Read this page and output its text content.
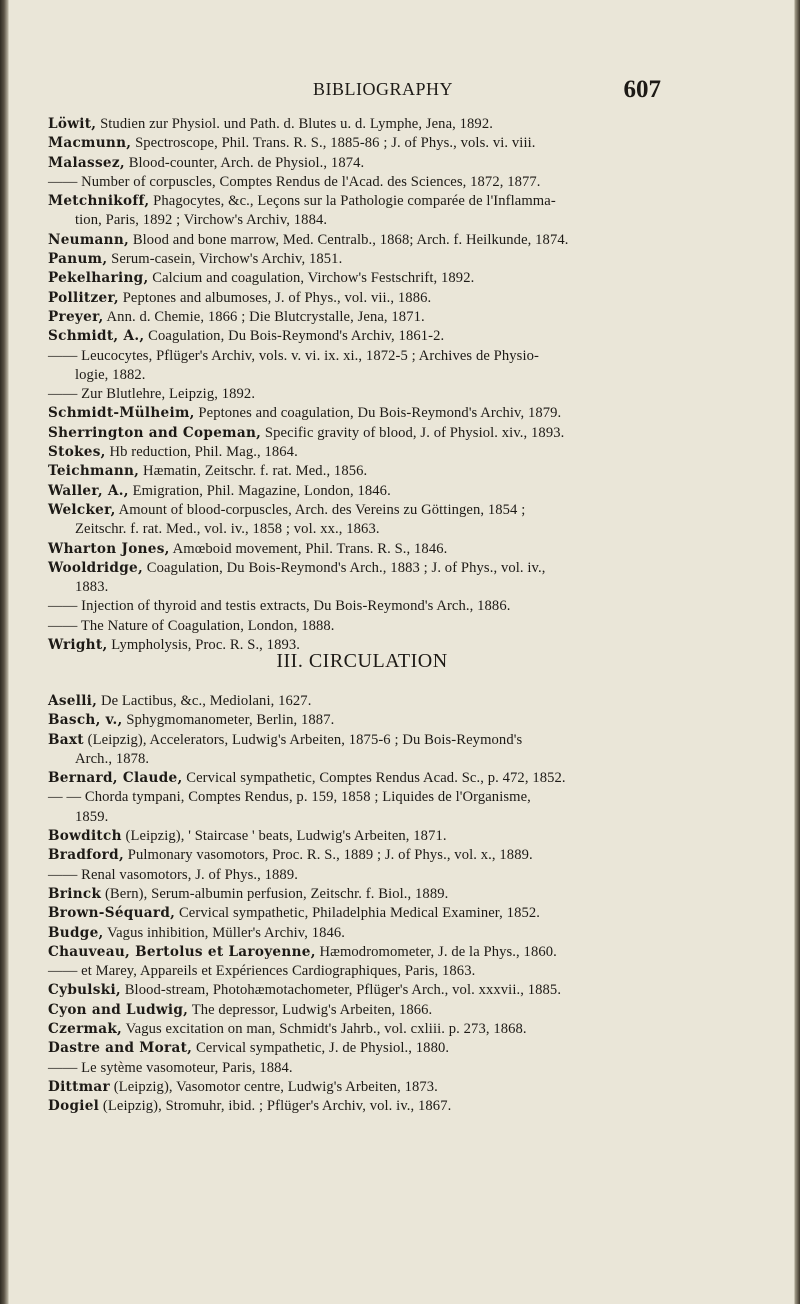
BIBLIOGRAPHY	607
Löwit, Studien zur Physiol. und Path. d. Blutes u. d. Lymphe, Jena, 1892.
Macmunn, Spectroscope, Phil. Trans. R. S., 1885-86 ; J. of Phys., vols. vi. viii.
Malassez, Blood-counter, Arch. de Physiol., 1874.
—— Number of corpuscles, Comptes Rendus de l'Acad. des Sciences, 1872, 1877.
Metchnikoff, Phagocytes, &c., Leçons sur la Pathologie comparée de l'Inflamma-
tion, Paris, 1892 ; Virchow's Archiv, 1884.
Neumann, Blood and bone marrow, Med. Centralb., 1868; Arch. f. Heilkunde, 1874.
Panum, Serum-casein, Virchow's Archiv, 1851.
Pekelharing, Calcium and coagulation, Virchow's Festschrift, 1892.
Pollitzer, Peptones and albumoses, J. of Phys., vol. vii., 1886.
Preyer, Ann. d. Chemie, 1866 ; Die Blutcrystalle, Jena, 1871.
Schmidt, A., Coagulation, Du Bois-Reymond's Archiv, 1861-2.
—— Leucocytes, Pflüger's Archiv, vols. v. vi. ix. xi., 1872-5 ; Archives de Physio-
logie, 1882.
—— Zur Blutlehre, Leipzig, 1892.
Schmidt-Mülheim, Peptones and coagulation, Du Bois-Reymond's Archiv, 1879.
Sherrington and Copeman, Specific gravity of blood, J. of Physiol. xiv., 1893.
Stokes, Hb reduction, Phil. Mag., 1864.
Teichmann, Hæmatin, Zeitschr. f. rat. Med., 1856.
Waller, A., Emigration, Phil. Magazine, London, 1846.
Welcker, Amount of blood-corpuscles, Arch. des Vereins zu Göttingen, 1854 ;
Zeitschr. f. rat. Med., vol. iv., 1858 ; vol. xx., 1863.
Wharton Jones, Amœboid movement, Phil. Trans. R. S., 1846.
Wooldridge, Coagulation, Du Bois-Reymond's Arch., 1883 ; J. of Phys., vol. iv.,
1883.
—— Injection of thyroid and testis extracts, Du Bois-Reymond's Arch., 1886.
—— The Nature of Coagulation, London, 1888.
Wright, Lympholysis, Proc. R. S., 1893.
III. CIRCULATION
Aselli, De Lactibus, &c., Mediolani, 1627.
Basch, v., Sphygmomanometer, Berlin, 1887.
Baxt (Leipzig), Accelerators, Ludwig's Arbeiten, 1875-6 ; Du Bois-Reymond's
Arch., 1878.
Bernard, Claude, Cervical sympathetic, Comptes Rendus Acad. Sc., p. 472, 1852.
— — Chorda tympani, Comptes Rendus, p. 159, 1858 ; Liquides de l'Organisme,
1859.
Bowditch (Leipzig), ' Staircase ' beats, Ludwig's Arbeiten, 1871.
Bradford, Pulmonary vasomotors, Proc. R. S., 1889 ; J. of Phys., vol. x., 1889.
—— Renal vasomotors, J. of Phys., 1889.
Brinck (Bern), Serum-albumin perfusion, Zeitschr. f. Biol., 1889.
Brown-Séquard, Cervical sympathetic, Philadelphia Medical Examiner, 1852.
Budge, Vagus inhibition, Müller's Archiv, 1846.
Chauveau, Bertolus et Laroyenne, Hæmodromometer, J. de la Phys., 1860.
—— et Marey, Appareils et Expériences Cardiographiques, Paris, 1863.
Cybulski, Blood-stream, Photohæmotachometer, Pflüger's Arch., vol. xxxvii., 1885.
Cyon and Ludwig, The depressor, Ludwig's Arbeiten, 1866.
Czermak, Vagus excitation on man, Schmidt's Jahrb., vol. cxliii. p. 273, 1868.
Dastre and Morat, Cervical sympathetic, J. de Physiol., 1880.
—— Le sytème vasomoteur, Paris, 1884.
Dittmar (Leipzig), Vasomotor centre, Ludwig's Arbeiten, 1873.
Dogiel (Leipzig), Stromuhr, ibid. ; Pflüger's Archiv, vol. iv., 1867.
